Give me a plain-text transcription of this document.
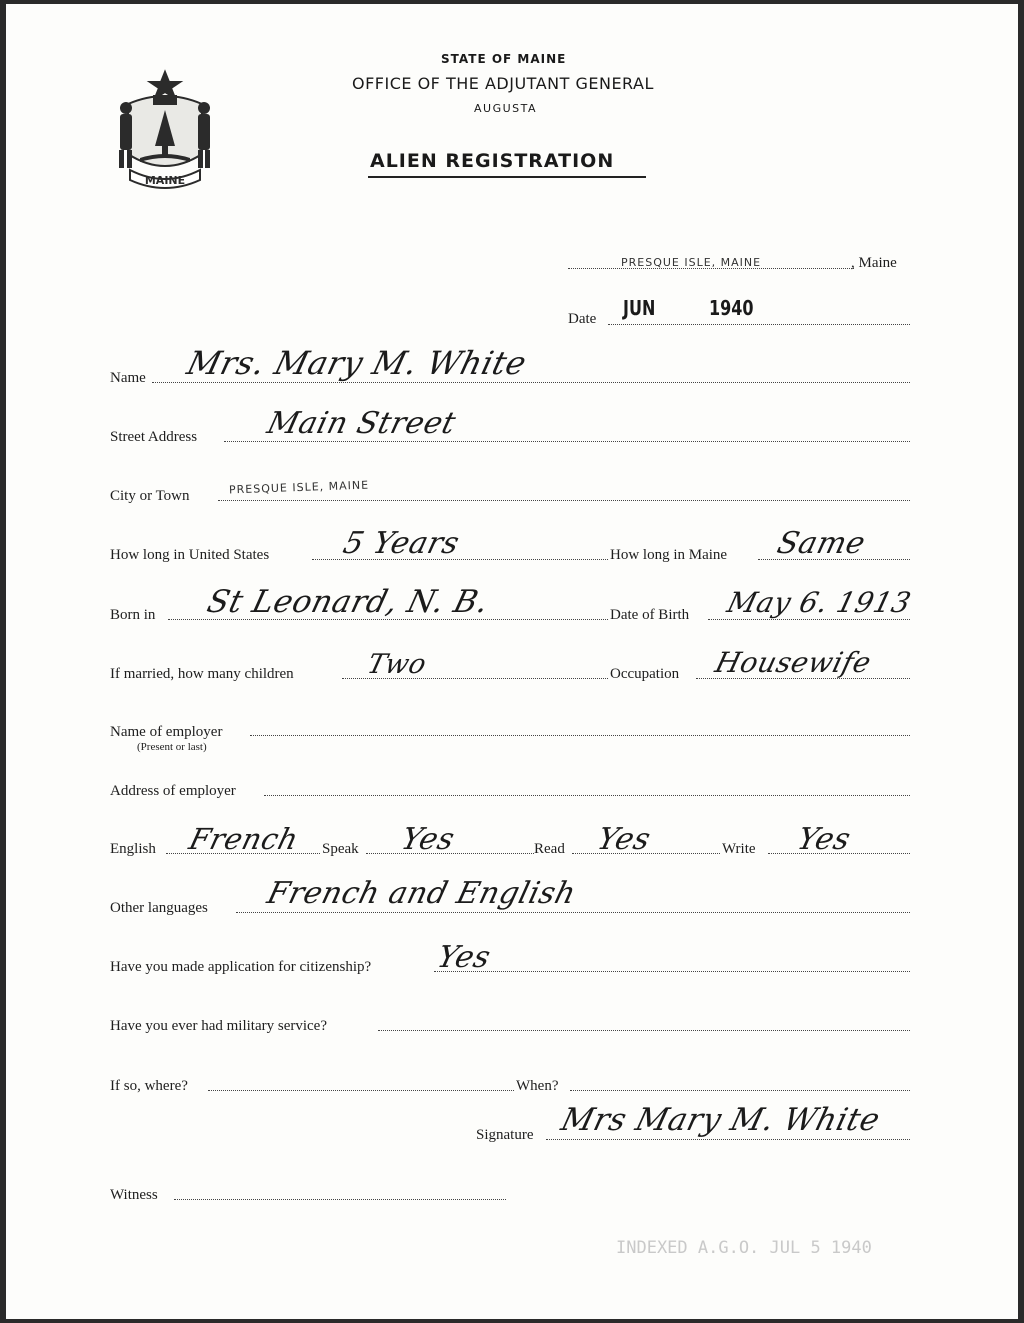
MAINE
STATE OF MAINE
OFFICE OF THE ADJUTANT GENERAL
AUGUSTA
ALIEN REGISTRATION
PRESQUE ISLE, MAINE	, Maine
Date JUN	1940
Name Mrs. Mary M. White
Street Address Main Street
City or Town	PRESQUE ISLE, MAINE
How long in United States 5 Years	How long in Maine Same
Born in St Leonard, N. B.	Date of Birth May 6. 1913
If married, how many children	Two	Occupation Housewife
Name of employer
(Present or last)
Address of employer
English French Speak Yes	Read Yes	Write Yes
Other languages French and English
Have you made application for citizenship? Yes
Have you ever had military service?
If so, where?	When?
Signature Mrs Mary M. White
Witness
INDEXED A.G.O. JUL 5 1940
